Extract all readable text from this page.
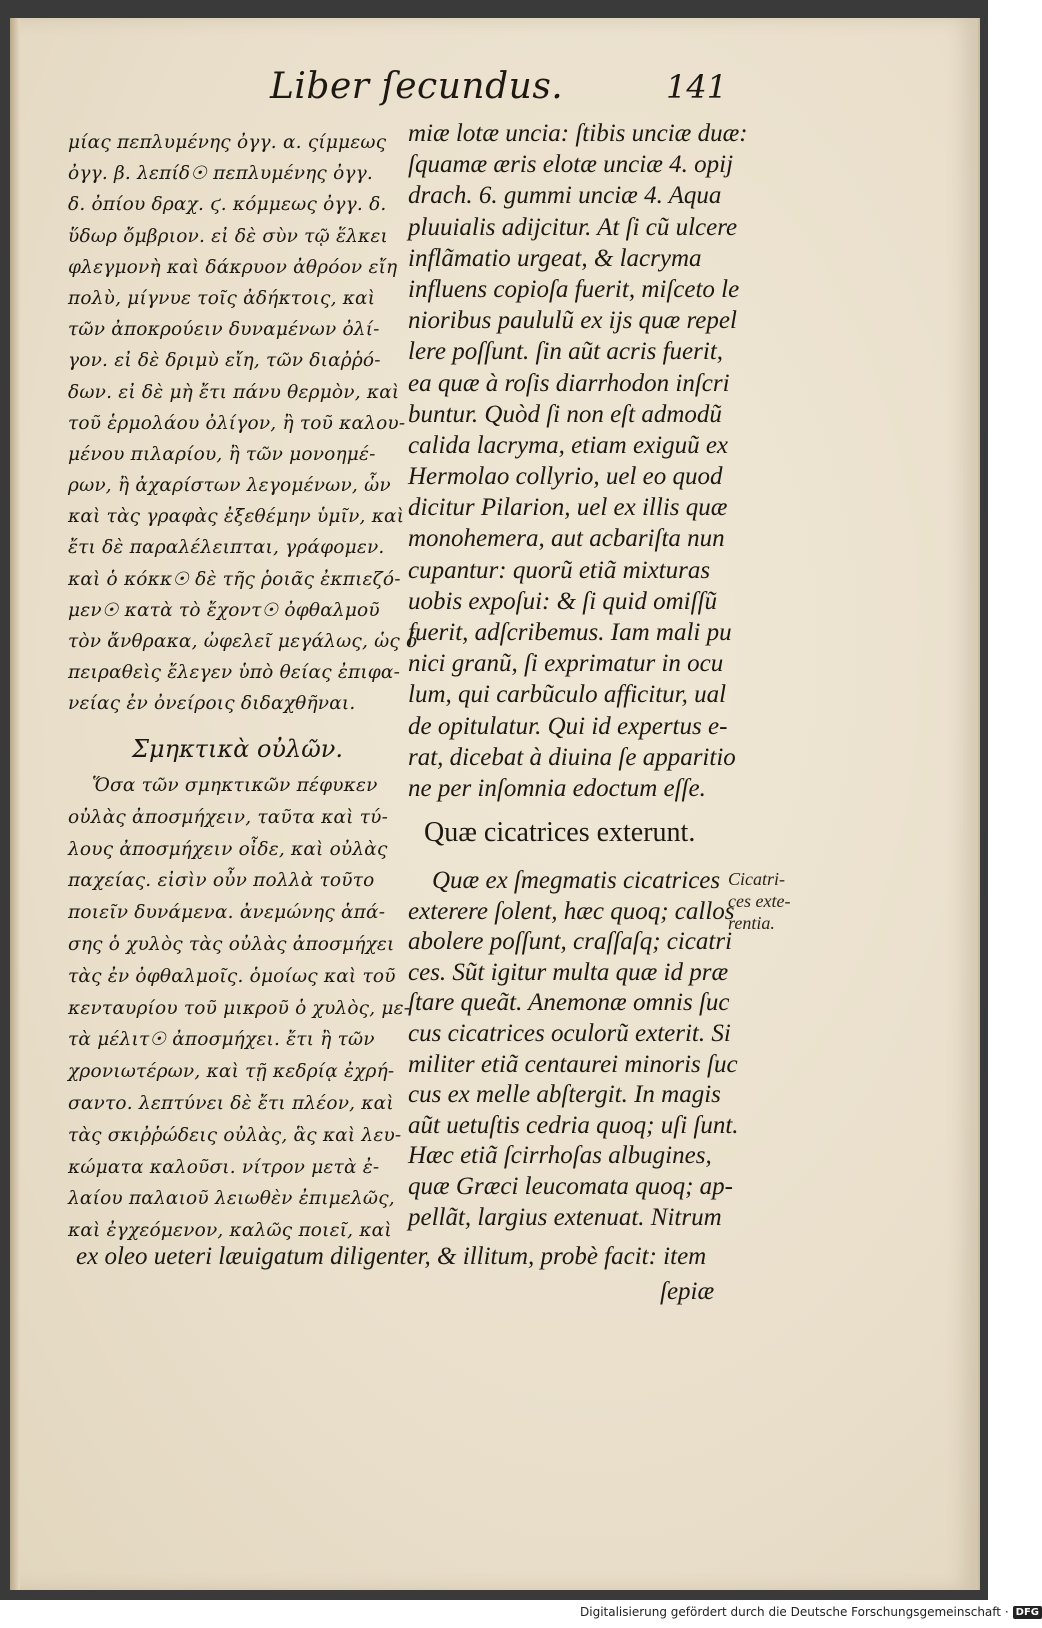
Liber ſecundus.	141
μίας πεπλυμένης ὀγγ. α. ςίμμεως
ὀγγ. β. λεπίδ☉ πεπλυμένης ὀγγ.
δ. ὀπίου δραχ. ϛ. κόμμεως ὀγγ. δ.
ὕδωρ ὄμβριον. εἰ δὲ σὺν τῷ ἕλκει
φλεγμονὴ καὶ δάκρυον ἀθρόον εἴη
πολὺ, μίγνυε τοῖς ἀδήκτοις, καὶ
τῶν ἀποκρούειν δυναμένων ὀλί-
γον. εἰ δὲ δριμὺ εἴη, τῶν διαῤῥό-
δων. εἰ δὲ μὴ ἔτι πάνυ θερμὸν, καὶ
τοῦ ἑρμολάου ὀλίγον, ἢ τοῦ καλου-
μένου πιλαρίου, ἢ τῶν μονοημέ-
ρων, ἢ ἀχαρίστων λεγομένων, ὧν
καὶ τὰς γραφὰς ἐξεθέμην ὑμῖν, καὶ
ἔτι δὲ παραλέλειπται, γράφομεν.
καὶ ὁ κόκκ☉ δὲ τῆς ῥοιᾶς ἐκπιεζό-
μεν☉ κατὰ τὸ ἔχοντ☉ ὀφθαλμοῦ
τὸν ἄνθρακα, ὠφελεῖ μεγάλως, ὡς ὁ
πειραθεὶς ἔλεγεν ὑπὸ θείας ἐπιφα-
νείας ἐν ὀνείροις διδαχθῆναι.
Σμηκτικὰ οὐλῶν.
Ὅσα τῶν σμηκτικῶν πέφυκεν
οὐλὰς ἀποσμήχειν, ταῦτα καὶ τύ-
λους ἀποσμήχειν οἶδε, καὶ οὐλὰς
παχείας. εἰσὶν οὖν πολλὰ τοῦτο
ποιεῖν δυνάμενα. ἀνεμώνης ἁπά-
σης ὁ χυλὸς τὰς οὐλὰς ἀποσμήχει
τὰς ἐν ὀφθαλμοῖς. ὁμοίως καὶ τοῦ
κενταυρίου τοῦ μικροῦ ὁ χυλὸς, με-
τὰ μέλιτ☉ ἀποσμήχει. ἔτι ἢ τῶν
χρονιωτέρων, καὶ τῇ κεδρίᾳ ἐχρή-
σαντο. λεπτύνει δὲ ἔτι πλέον, καὶ
τὰς σκιῤῥώδεις οὐλὰς, ἃς καὶ λευ-
κώματα καλοῦσι. νίτρον μετὰ ἐ-
λαίου παλαιοῦ λειωθὲν ἐπιμελῶς,
καὶ ἐγχεόμενον, καλῶς ποιεῖ, καὶ
miæ lotæ uncia: ſtibis unciæ duæ:
ſquamæ æris elotæ unciæ 4. opij
drach. 6. gummi unciæ 4. Aqua
pluuialis adijcitur. At ſi cũ ulcere
inflãmatio urgeat, & lacryma
influens copioſa fuerit, miſceto le
nioribus paululũ ex ijs quæ repel
lere poſſunt. ſin aũt acris fuerit,
ea quæ à roſis diarrhodon inſcri
buntur. Quòd ſi non eſt admodũ
calida lacryma, etiam exiguũ ex
Hermolao collyrio, uel eo quod
dicitur Pilarion, uel ex illis quæ
monohemera, aut acbariſta nun
cupantur: quorũ etiã mixturas
uobis expoſui: & ſi quid omiſſũ
fuerit, adſcribemus. Iam mali pu
nici granũ, ſi exprimatur in ocu
lum, qui carbũculo afficitur, ual
de opitulatur. Qui id expertus e-
rat, dicebat à diuina ſe apparitio
ne per inſomnia edoctum eſſe.
Quæ cicatrices exterunt.
Quæ ex ſmegmatis cicatrices
exterere ſolent, hæc quoq; callos
abolere poſſunt, craſſaſq; cicatri
ces. Sũt igitur multa quæ id præ
ſtare queãt. Anemonæ omnis ſuc
cus cicatrices oculorũ exterit. Si
militer etiã centaurei minoris ſuc
cus ex melle abſtergit. In magis
aũt uetuſtis cedria quoq; uſi ſunt.
Hæc etiã ſcirrhoſas albugines,
quæ Græci leucomata quoq; ap-
pellãt, largius extenuat. Nitrum
Cicatri-
ces exte-
rentia.
ex oleo ueteri læuigatum diligenter, & illitum, probè facit: item
ſepiæ
Digitalisierung gefördert durch die Deutsche Forschungsgemeinschaft · DFG
